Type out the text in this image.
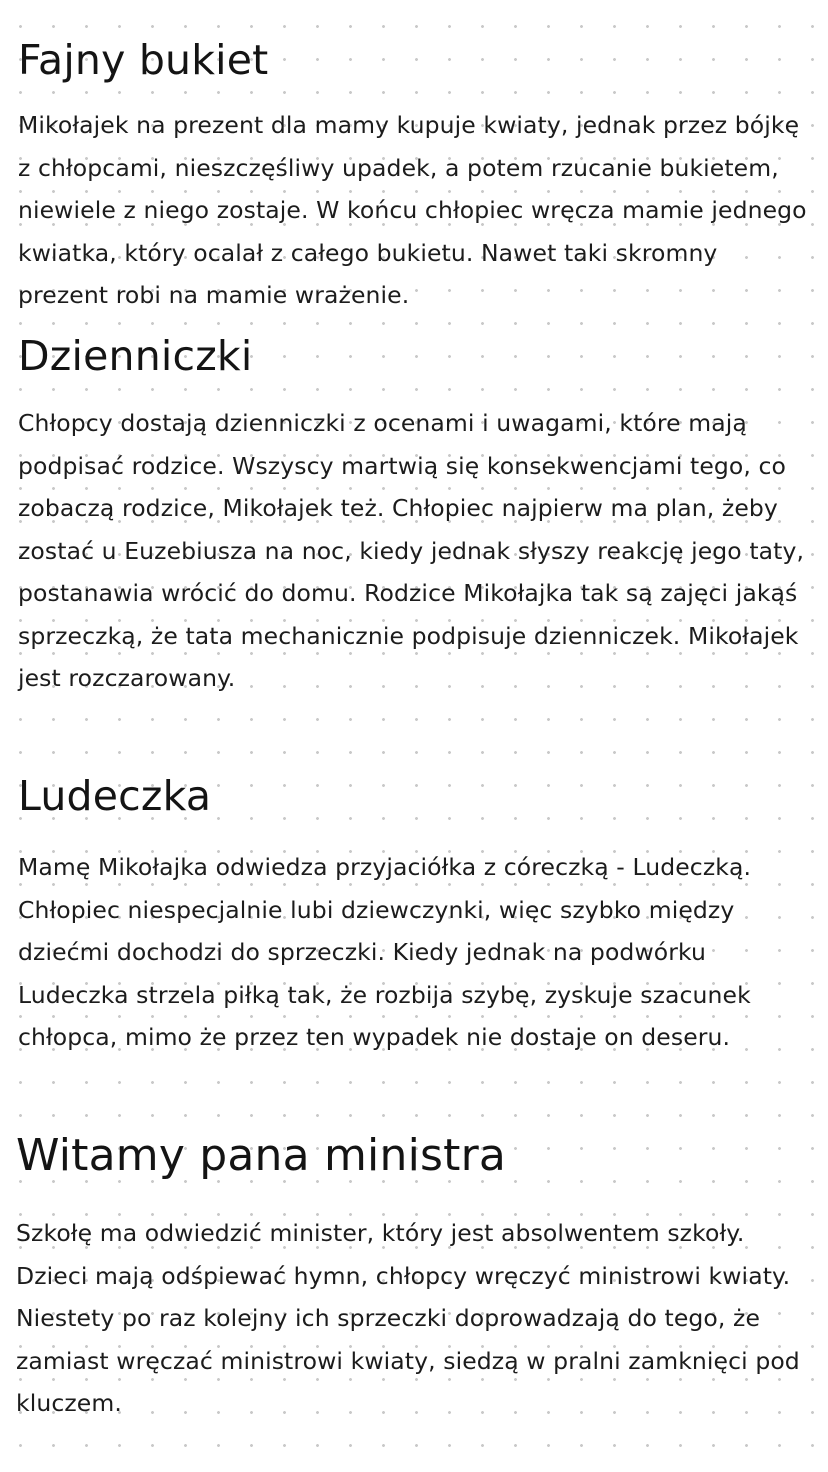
Fajny bukiet

Mikołajek na prezent dla mamy kupuje kwiaty, jednak przez bójkę z chłopcami, nieszczęśliwy upadek, a potem rzucanie bukietem, niewiele z niego zostaje. W końcu chłopiec wręcza mamie jednego kwiatka, który ocalał z całego bukietu. Nawet taki skromny prezent robi na mamie wrażenie.

Dzienniczki

Chłopcy dostają dzienniczki z ocenami i uwagami, które mają podpisać rodzice. Wszyscy martwią się konsekwencjami tego, co zobaczą rodzice, Mikołajek też. Chłopiec najpierw ma plan, żeby zostać u Euzebiusza na noc, kiedy jednak słyszy reakcję jego taty, postanawia wrócić do domu. Rodzice Mikołajka tak są zajęci jakąś sprzeczką, że tata mechanicznie podpisuje dzienniczek. Mikołajek jest rozczarowany.

Ludeczka

Mamę Mikołajka odwiedza przyjaciółka z córeczką - Ludeczką. Chłopiec niespecjalnie lubi dziewczynki, więc szybko między dziećmi dochodzi do sprzeczki. Kiedy jednak na podwórku Ludeczka strzela piłką tak, że rozbija szybę, zyskuje szacunek chłopca, mimo że przez ten wypadek nie dostaje on deseru.

Witamy pana ministra

Szkołę ma odwiedzić minister, który jest absolwentem szkoły. Dzieci mają odśpiewać hymn, chłopcy wręczyć ministrowi kwiaty. Niestety po raz kolejny ich sprzeczki doprowadzają do tego, że zamiast wręczać ministrowi kwiaty, siedzą w pralni zamknięci pod kluczem.
